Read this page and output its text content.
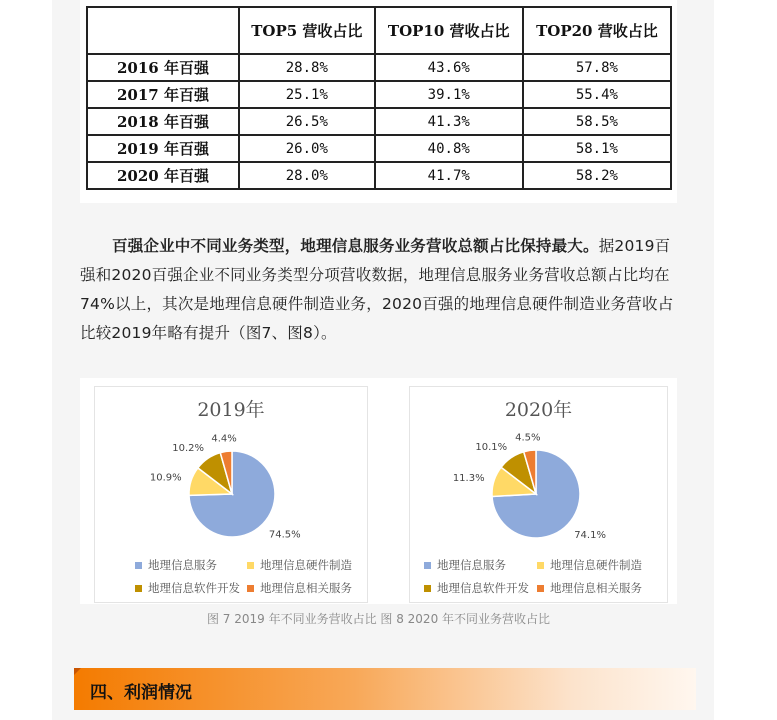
	TOP5 营收占比	TOP10 营收占比	TOP20 营收占比
2016 年百强	28.8%	43.6%	57.8%
2017 年百强	25.1%	39.1%	55.4%
2018 年百强	26.5%	41.3%	58.5%
2019 年百强	26.0%	40.8%	58.1%
2020 年百强	28.0%	41.7%	58.2%
百强企业中不同业务类型，地理信息服务业务营收总额占比保持最大。据2019百强和2020百强企业不同业务类型分项营收数据，地理信息服务业务营收总额占比均在74%以上，其次是地理信息硬件制造业务，2020百强的地理信息硬件制造业务营收占比较2019年略有提升（图7、图8）。
2019年
74.5%
10.9%
10.2%
4.4%
地理信息服务	地理信息硬件制造
地理信息软件开发	地理信息相关服务
2020年
74.1%
11.3%
10.1%
4.5%
地理信息服务	地理信息硬件制造
地理信息软件开发	地理信息相关服务
图 7 2019 年不同业务营收占比 图 8 2020 年不同业务营收占比
四、利润情况
